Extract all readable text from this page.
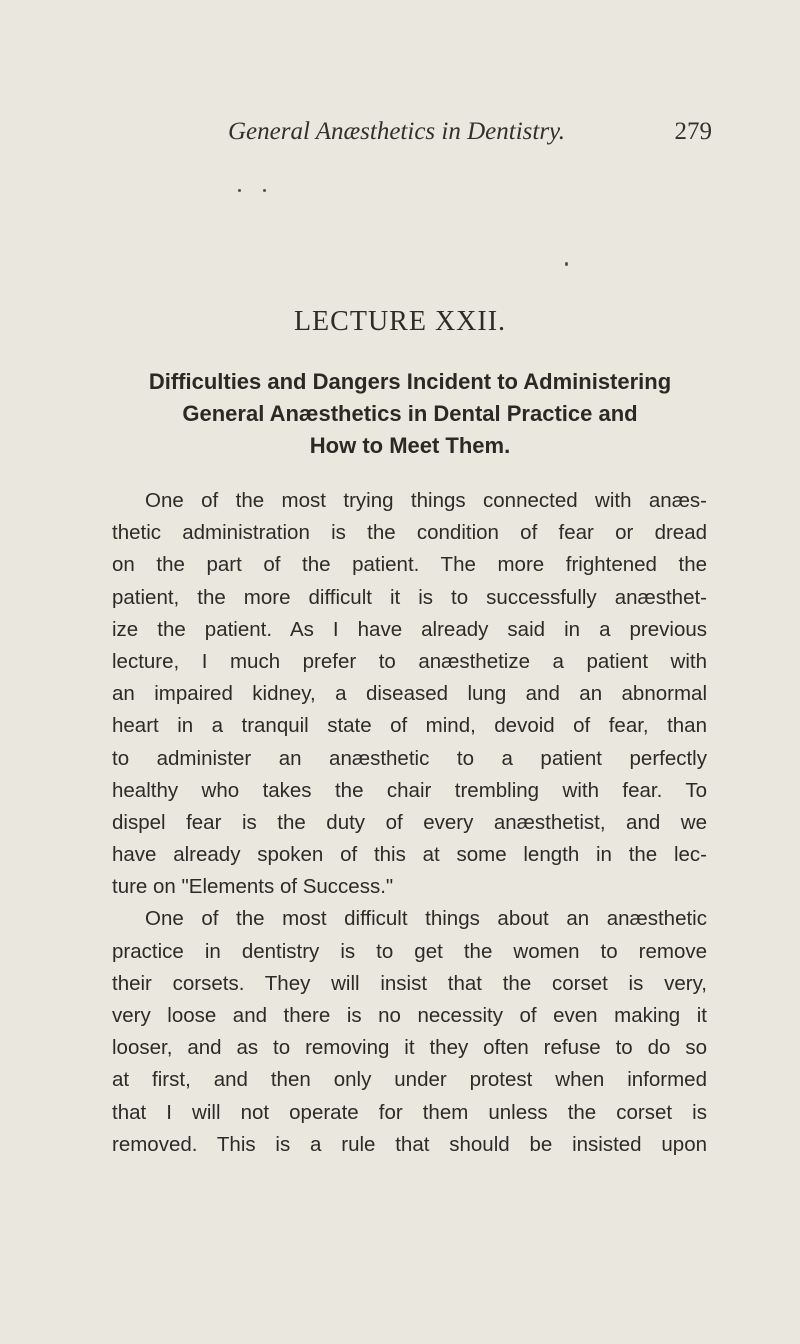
General Anæsthetics in Dentistry.	279
LECTURE XXII.
Difficulties and Dangers Incident to Administering
General Anæsthetics in Dental Practice and
How to Meet Them.
One of the most trying things connected with anæs-
thetic administration is the condition of fear or dread
on the part of the patient. The more frightened the
patient, the more difficult it is to successfully anæsthet-
ize the patient. As I have already said in a previous
lecture, I much prefer to anæsthetize a patient with
an impaired kidney, a diseased lung and an abnormal
heart in a tranquil state of mind, devoid of fear, than
to administer an anæsthetic to a patient perfectly
healthy who takes the chair trembling with fear. To
dispel fear is the duty of every anæsthetist, and we
have already spoken of this at some length in the lec-
ture on "Elements of Success."
One of the most difficult things about an anæsthetic
practice in dentistry is to get the women to remove
their corsets. They will insist that the corset is very,
very loose and there is no necessity of even making it
looser, and as to removing it they often refuse to do so
at first, and then only under protest when informed
that I will not operate for them unless the corset is
removed. This is a rule that should be insisted upon
